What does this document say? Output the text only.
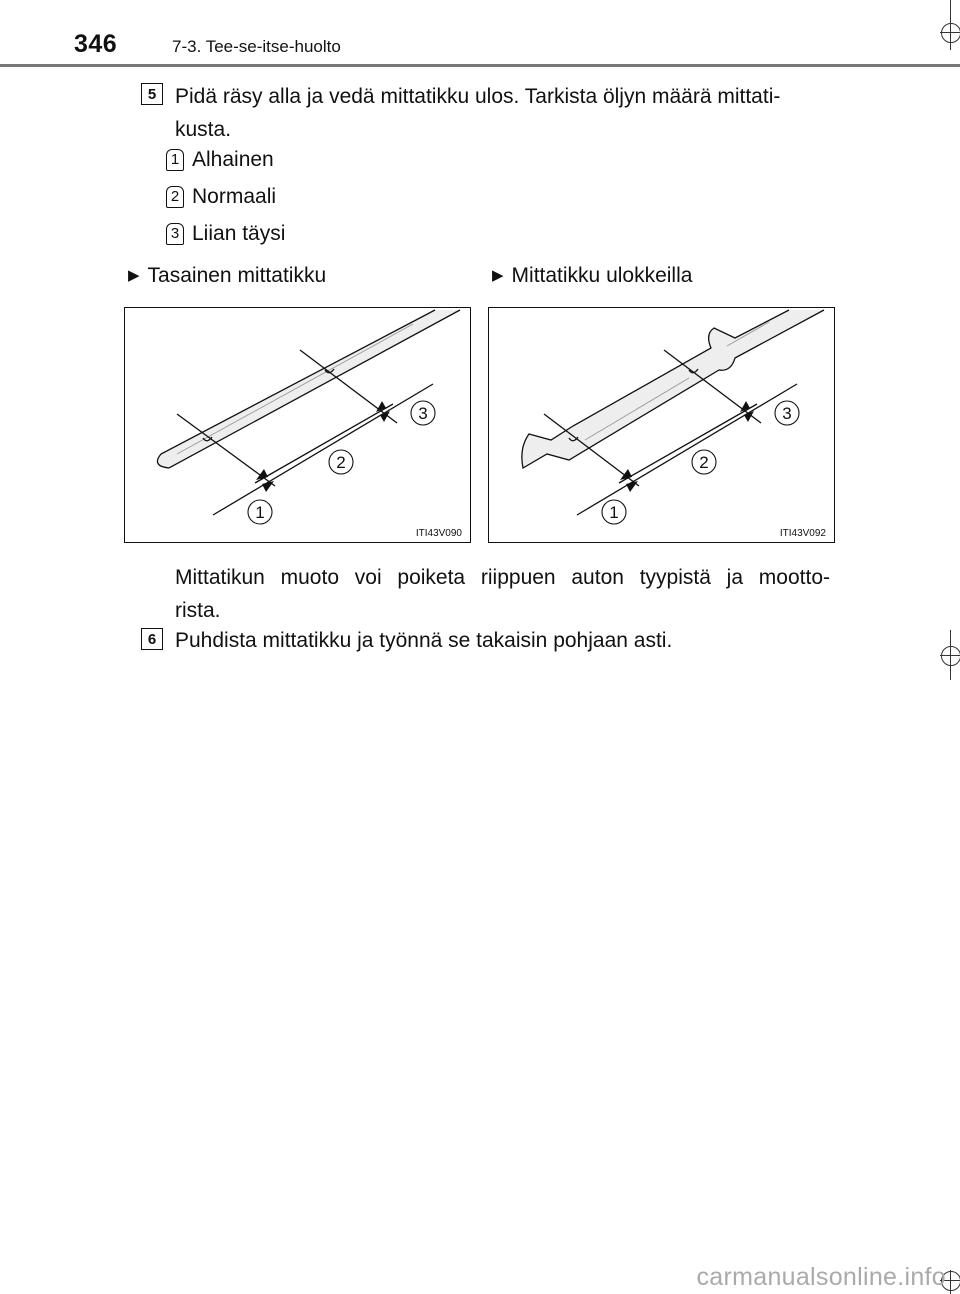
346	7-3. Tee-se-itse-huolto
5 Pidä räsy alla ja vedä mittatikku ulos. Tarkista öljyn määrä mittati-kusta.
1 Alhainen
2 Normaali
3 Liian täysi
▶ Tasainen mittatikku	▶ Mittatikku ulokkeilla
1
2
3
ITI43V090
1
2
3
ITI43V092
Mittatikun muoto voi poiketa riippuen auton tyypistä ja mootto-rista.
6 Puhdista mittatikku ja työnnä se takaisin pohjaan asti.
carmanualsonline.info
